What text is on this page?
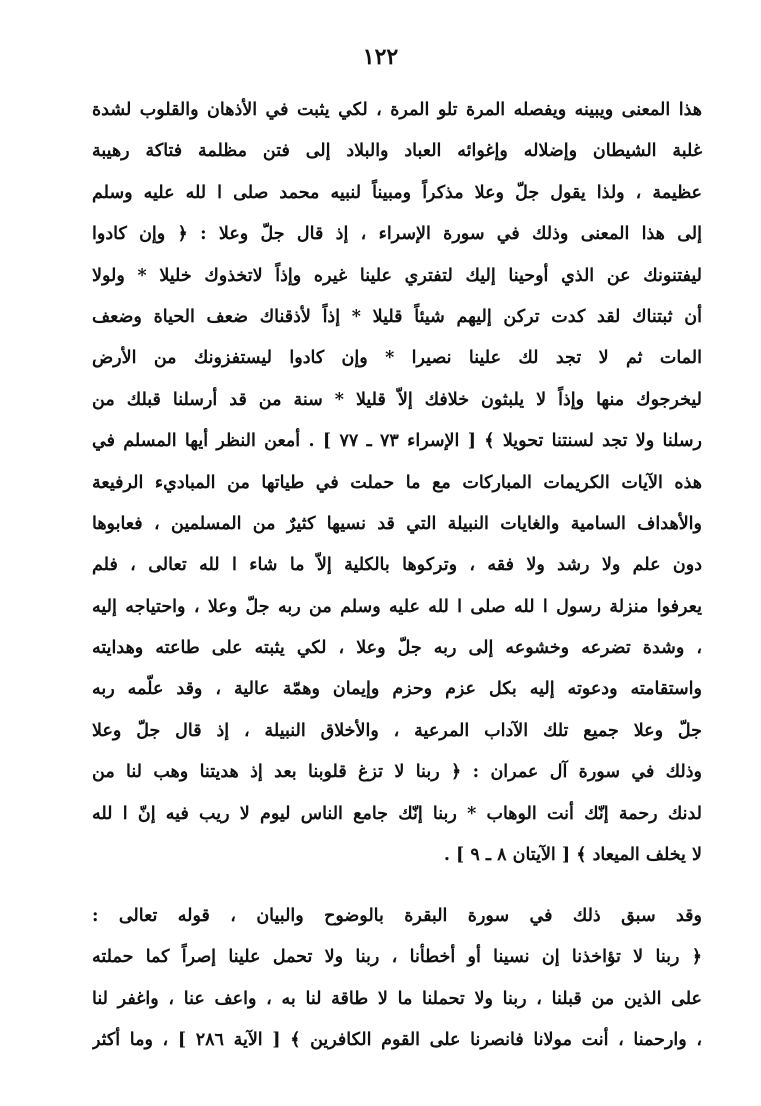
١٢٢
هذا المعنى ويبينه ويفصله المرة تلو المرة ، لكي يثبت في الأذهان والقلوب لشدة
غلبة الشيطان وإضلاله وإغوائه العباد والبلاد إلى فتن مظلمة فتاكة رهيبة
عظيمة ، ولذا يقول جلّ وعلا مذكراً ومبيناً لنبيه محمد صلى ا لله عليه وسلم
إلى هذا المعنى وذلك في سورة الإسراء ، إذ قال جلّ وعلا : ﴿ وإن كادوا
ليفتنونك عن الذي أوحينا إليك لتفتري علينا غيره وإذاً لاتخذوك خليلا * ولولا
أن ثبتناك لقد كدت تركن إليهم شيئاً قليلا * إذاً لأذقناك ضعف الحياة وضعف
المات ثم لا تجد لك علينا نصيرا * وإن كادوا ليستفزونك من الأرض
ليخرجوك منها وإذاً لا يلبثون خلافك إلاّ قليلا * سنة من قد أرسلنا قبلك من
رسلنا ولا تجد لسنتنا تحويلا ﴾ [ الإسراء ٧٣ ـ ٧٧ ] . أمعن النظر أيها المسلم في
هذه الآيات الكريمات المباركات مع ما حملت في طياتها من المباديء الرفيعة
والأهداف السامية والغايات النبيلة التي قد نسيها كثيرٌ من المسلمين ، فعابوها
دون علم ولا رشد ولا فقه ، وتركوها بالكلية إلاّ ما شاء ا لله تعالى ، فلم
يعرفوا منزلة رسول ا لله صلى ا لله عليه وسلم من ربه جلّ وعلا ، واحتياجه إليه
، وشدة تضرعه وخشوعه إلى ربه جلّ وعلا ، لكي يثبته على طاعته وهدايته
واستقامته ودعوته إليه بكل عزم وحزم وإيمان وهمّة عالية ، وقد علّمه ربه
جلّ وعلا جميع تلك الآداب المرعية ، والأخلاق النبيلة ، إذ قال جلّ وعلا
وذلك في سورة آل عمران : ﴿ ربنا لا تزغ قلوبنا بعد إذ هديتنا وهب لنا من
لدنك رحمة إنّك أنت الوهاب * ربنا إنّك جامع الناس ليوم لا ريب فيه إنّ ا لله
لا يخلف الميعاد ﴾ [ الآيتان ٨ ـ ٩ ] .
وقد سبق ذلك في سورة البقرة بالوضوح والبيان ، قوله تعالى :
﴿ ربنا لا تؤاخذنا إن نسينا أو أخطأنا ، ربنا ولا تحمل علينا إصراً كما حملته
على الذين من قبلنا ، ربنا ولا تحملنا ما لا طاقة لنا به ، واعف عنا ، واغفر لنا
، وارحمنا ، أنت مولانا فانصرنا على القوم الكافرين ﴾ [ الآية ٢٨٦ ] ، وما أكثر
